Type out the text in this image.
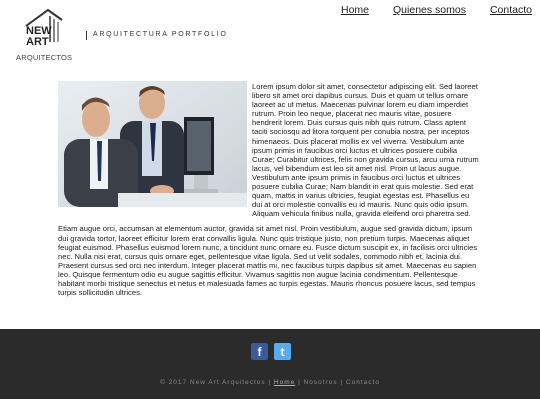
NEW
ART
ARQUITECTOS
ARQUITECTURA PORTFOLIO
Home Quienes somos Contacto

Lorem ipsum dolor sit amet, consectetur adipiscing elit. Sed laoreet libero sit amet orci dapibus cursus. Duis et quam ut tellus ornare laoreet ac ut metus. Maecenas pulvinar lorem eu diam imperdiet rutrum. Proin leo neque, placerat nec mauris vitae, posuere hendrerit lorem. Duis cursus quis nibh quis rutrum. Class aptent taciti sociosqu ad litora torquent per conubia nostra, per inceptos himenaeos. Duis placerat mollis ex vel viverra. Vestibulum ante ipsum primis in faucibus orci luctus et ultrices posuere cubilia Curae; Curabitur ultrices, felis non gravida cursus, arcu urna rutrum lacus, vel bibendum est leo sit amet nisl. Proin ut lacus augue. Vestibulum ante ipsum primis in faucibus orci luctus et ultrices posuere cubilia Curae; Nam blandit in erat quis molestie. Sed erat quam, mattis in varius ultricies, feugiat egestas est. Phasellus eu dui at orci molestie convallis eu id mauris. Nunc quis odio ipsum. Aliquam vehicula finibus nulla, gravida eleifend orci pharetra sed.

Etiam augue orci, accumsan at elementum auctor, gravida sit amet nisl. Proin vestibulum, augue sed gravida dictum, ipsum dui gravida tortor, laoreet efficitur lorem erat convallis ligula. Nunc quis tristique justo, non pretium turpis. Maecenas aliquet feugiat euismod. Phasellus euismod lorem nunc, a tincidunt nunc ornare eu. Fusce dictum suscipit ex, in facilisis orci ultricies nec. Nulla nisi erat, cursus quis ornare eget, pellentesque vitae ligula. Sed ut velit sodales, commodo nibh et, lacinia dui. Praesent cursus sed orci nec interdum. Integer placerat mattis mi, nec faucibus turpis dapibus sit amet. Maecenas eu sapien leo. Quisque fermentum odio eu augue sagittis efficitur. Vivamus sagittis non augue lacinia condimentum. Pellentesque habitant morbi tristique senectus et netus et malesuada fames ac turpis egestas. Mauris rhoncus posuere lacus, sed tempus turpis sollicitudin ultrices.

f	t
© 2017 New Art Arquitectos | Home | Nosotros | Contacto
